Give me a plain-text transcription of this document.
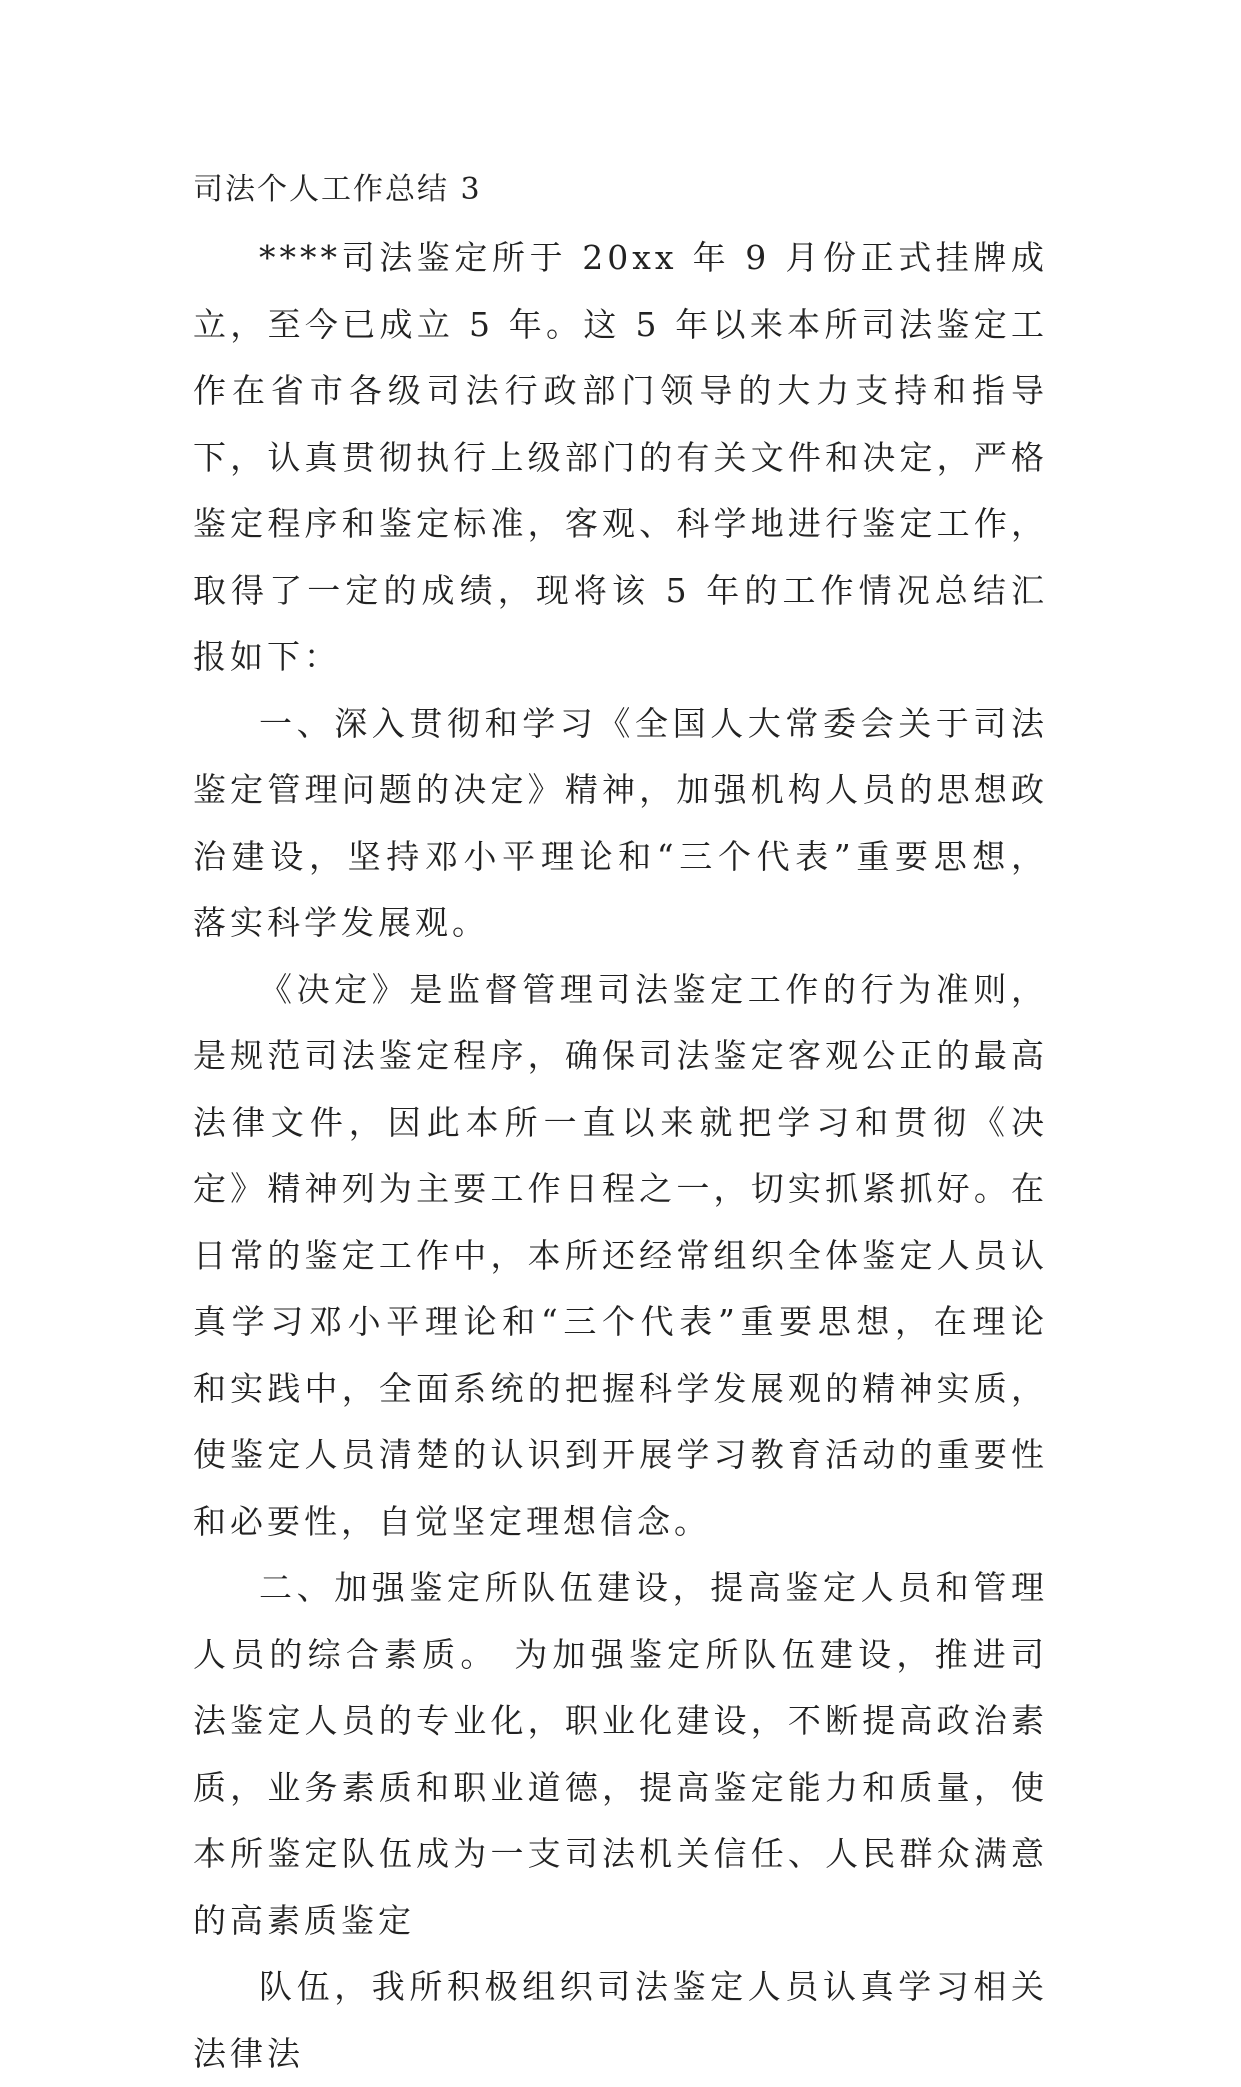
司法个人工作总结 3

****司法鉴定所于 20xx 年 9 月份正式挂牌成立，至今已成立 5 年。这 5 年以来本所司法鉴定工作在省市各级司法行政部门领导的大力支持和指导下，认真贯彻执行上级部门的有关文件和决定，严格鉴定程序和鉴定标准，客观、科学地进行鉴定工作，取得了一定的成绩，现将该 5 年的工作情况总结汇报如下：

一、深入贯彻和学习《全国人大常委会关于司法鉴定管理问题的决定》精神，加强机构人员的思想政治建设，坚持邓小平理论和“三个代表”重要思想，落实科学发展观。

《决定》是监督管理司法鉴定工作的行为准则，是规范司法鉴定程序，确保司法鉴定客观公正的最高法律文件，因此本所一直以来就把学习和贯彻《决定》精神列为主要工作日程之一，切实抓紧抓好。在日常的鉴定工作中，本所还经常组织全体鉴定人员认真学习邓小平理论和“三个代表”重要思想，在理论和实践中，全面系统的把握科学发展观的精神实质，使鉴定人员清楚的认识到开展学习教育活动的重要性和必要性，自觉坚定理想信念。

二、加强鉴定所队伍建设，提高鉴定人员和管理人员的综合素质。 为加强鉴定所队伍建设，推进司法鉴定人员的专业化，职业化建设，不断提高政治素质，业务素质和职业道德，提高鉴定能力和质量，使本所鉴定队伍成为一支司法机关信任、人民群众满意的高素质鉴定

队伍，我所积极组织司法鉴定人员认真学习相关法律法
